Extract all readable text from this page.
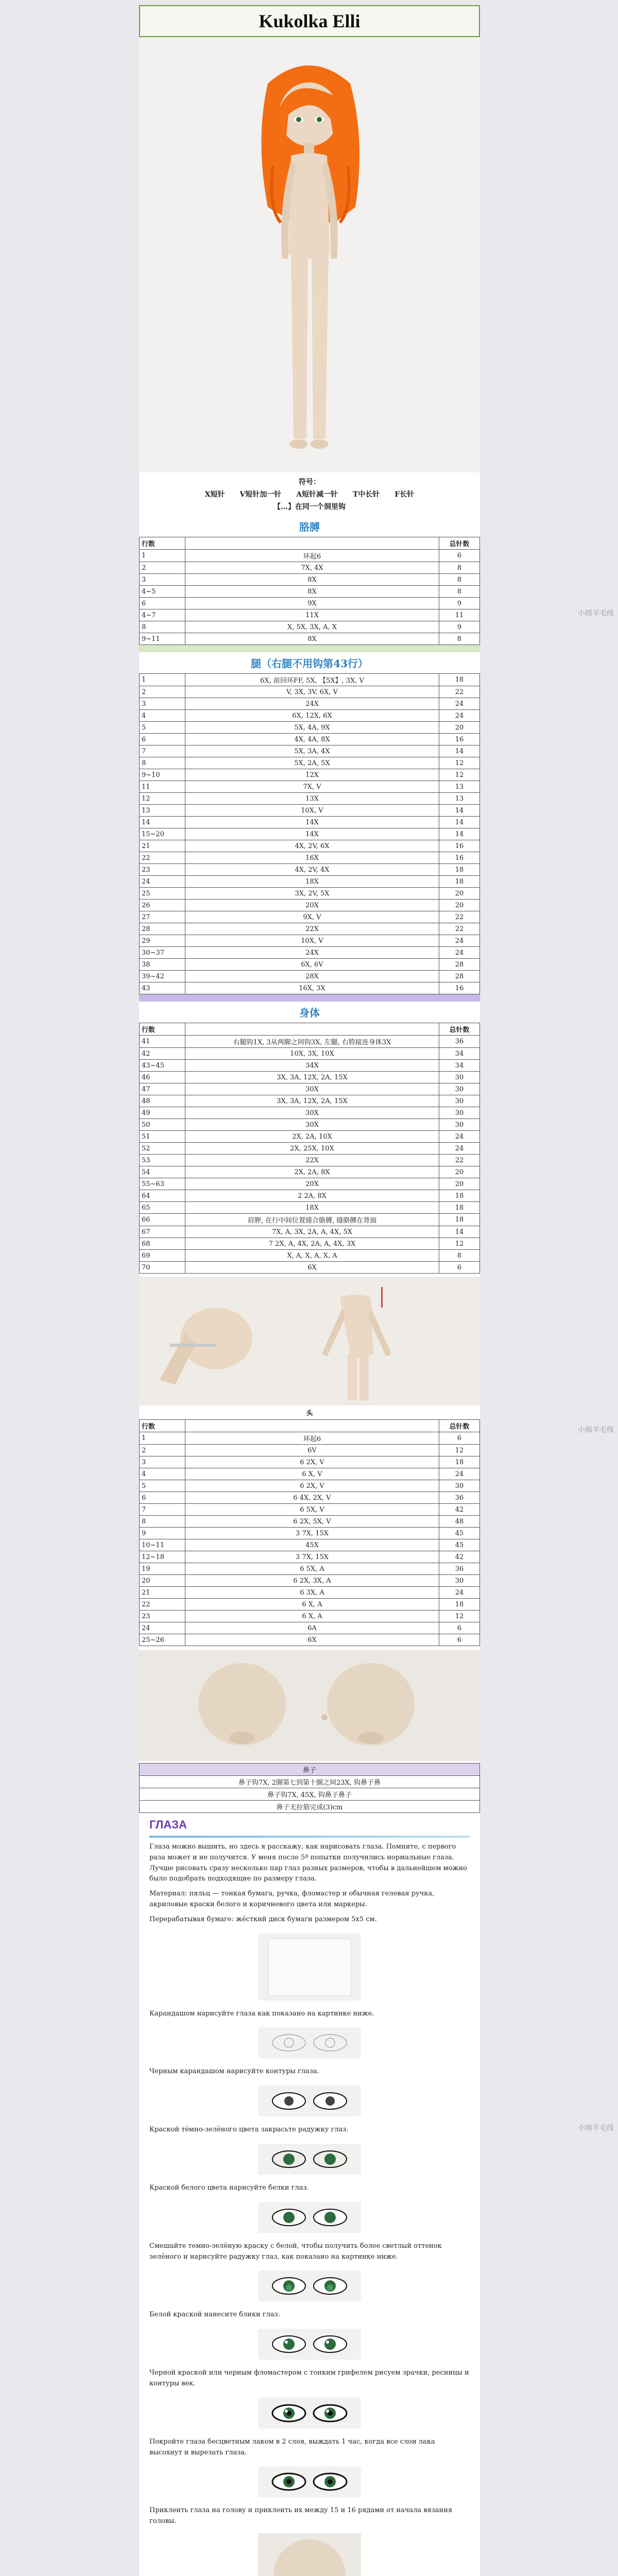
Kukolka Elli
符号：
X短针 V短针加一针 A短针减一针 T中长针 F长针
【…】在同一个洞里钩
胳膊
行数		总针数
1	环起6	6
2	7X, 4X	8
3	8X	8
4~5	8X	8
6	9X	9
4~7	11X	11
8	X, 5X, 3X, A, X	9
9~11	8X	8
腿（右腿不用钩第43行）
1	6X, 前回环FF, 5X, 【5X】, 3X, V	18
2	V, 3X, 3V, 6X, V	22
3	24X	24
4	6X, 12X, 6X	24
5	5X, 4A, 9X	20
6	4X, 4A, 8X	16
7	5X, 3A, 4X	14
8	5X, 2A, 5X	12
9~10	12X	12
11	7X, V	13
12	13X	13
13	10X, V	14
14	14X	14
15~20	14X	14
21	4X, 2V, 6X	16
22	16X	16
23	4X, 2V, 4X	18
24	18X	18
25	3X, 2V, 5X	20
26	20X	20
27	9X, V	22
28	22X	22
29	10X, V	24
30~37	24X	24
38	6X, 6V	28
39~42	28X	28
43	16X, 3X	16
身体
行数		总针数
41	右腿钩1X, 3从两脚之间钩3X, 左腿, 右胯接连身体3X	36
42	10X, 3X, 10X	34
43~45	34X	34
46	3X, 3A, 12X, 2A, 15X	30
47	30X	30
48	3X, 3A, 12X, 2A, 15X	30
49	30X	30
50	30X	30
51	2X, 2A, 10X	24
52	2X, 25X, 10X	24
53	22X	22
54	2X, 2A, 8X	20
55~63	20X	20
64	2 2A, 8X	18
65	18X	18
66	肩胛, 在行中间位置缝合胳膊, 缝胳膊在背面	18
67	7X, A, 3X, 2A, A, 4X, 5X	14
68	7 2X, A, 4X, 2A, A, 4X, 3X	12
69	X, A, X, A, X, A	8
70	6X	6
头
行数		总针数
1	环起6	6
2	6V	12
3	6 2X, V	18
4	6 X, V	24
5	6 2X, V	30
6	6 4X, 2X, V	36
7	6 5X, V	42
8	6 2X, 5X, V	48
9	3 7X, 15X	45
10~11	45X	45
12~18	3 7X, 15X	42
19	6 5X, A	36
20	6 2X, 3X, A	30
21	6 3X, A	24
22	6 X, A	18
23	6 X, A	12
24	6A	6
25~26	6X	6
鼻子
鼻子钩7X, 2圈第七到第十圈之间23X, 钩鼻子鼻
鼻子钩7X, 45X, 钩鼻子鼻子
鼻子无拉筋完成(3)cm
ГЛАЗА
Глаза можно вышить, но здесь я расскажу, как нарисовать глаза. Помните, с первого раза может и не получится. У меня после 5ª попытки получились нормальные глаза. Лучше рисовать сразу несколько пар глаз разных размеров, чтобы в дальнейшем можно было подобрать подходящие по размеру глаза.
Материал: пяльц — тонкая бумага, ручка, фломастер и обычная гелевая ручка, акриловые краски белого и коричневого цвета или маркеры.
Перерабатывая бумаге: жёсткий диск бумаги размером 5x5 см.
Карандашом нарисуйте глаза как показано на картинке ниже.
Черным карандашом нарисуйте контуры глаза.
Краской тёмно-зелёного цвета закрасьте радужку глаз.
Краской белого цвета нарисуйте белки глаз.
Смешайте темно-зелёную краску с белой, чтобы получить более светлый оттенок зелёного и нарисуйте радужку глаз, как показано на картинке ниже.
Белой краской нанесите блики глаз.
Черной краской или черным фломастером с тонким грифелем рисуем зрачки, ресницы и контуры век.
Покройте глаза бесцветным лаком в 2 слоя, выждать 1 час, когда все слои лака высохнут и вырезать глаза.
Приклеить глаза на голову и приклеить их между 15 и 16 рядами от начала вязания головы.
小绵羊毛线
小绵羊毛线
小绵羊毛线
